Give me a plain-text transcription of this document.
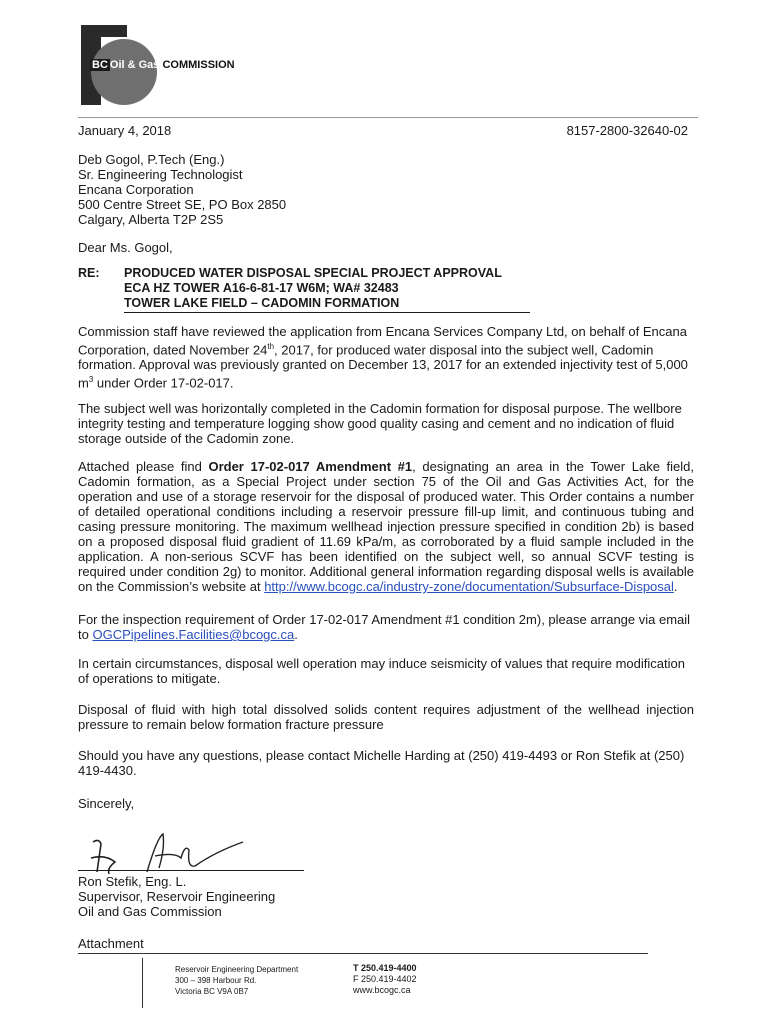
BC Oil & Gas COMMISSION
January 4, 2018	8157-2800-32640-02
Deb Gogol, P.Tech (Eng.)
Sr. Engineering Technologist
Encana Corporation
500 Centre Street SE, PO Box 2850
Calgary, Alberta T2P 2S5
Dear Ms. Gogol,
RE: PRODUCED WATER DISPOSAL SPECIAL PROJECT APPROVAL
ECA HZ TOWER A16-6-81-17 W6M; WA# 32483
TOWER LAKE FIELD – CADOMIN FORMATION

Commission staff have reviewed the application from Encana Services Company Ltd, on behalf of Encana Corporation, dated November 24th, 2017, for produced water disposal into the subject well, Cadomin formation. Approval was previously granted on December 13, 2017 for an extended injectivity test of 5,000 $m^3$ under Order 17-02-017.

The subject well was horizontally completed in the Cadomin formation for disposal purpose. The wellbore integrity testing and temperature logging show good quality casing and cement and no indication of fluid storage outside of the Cadomin zone.

Attached please find Order 17-02-017 Amendment #1, designating an area in the Tower Lake field, Cadomin formation, as a Special Project under section 75 of the Oil and Gas Activities Act, for the operation and use of a storage reservoir for the disposal of produced water. This Order contains a number of detailed operational conditions including a reservoir pressure fill-up limit, and continuous tubing and casing pressure monitoring. The maximum wellhead injection pressure specified in condition 2b) is based on a proposed disposal fluid gradient of 11.69 kPa/m, as corroborated by a fluid sample included in the application. A non-serious SCVF has been identified on the subject well, so annual SCVF testing is required under condition 2g) to monitor. Additional general information regarding disposal wells is available on the Commission’s website at http://www.bcogc.ca/industry-zone/documentation/Subsurface-Disposal.

For the inspection requirement of Order 17-02-017 Amendment #1 condition 2m), please arrange via email to OGCPipelines.Facilities@bcogc.ca.

In certain circumstances, disposal well operation may induce seismicity of values that require modification of operations to mitigate.

Disposal of fluid with high total dissolved solids content requires adjustment of the wellhead injection pressure to remain below formation fracture pressure

Should you have any questions, please contact Michelle Harding at (250) 419-4493 or Ron Stefik at (250) 419-4430.

Sincerely,
Ron Stefik, Eng. L.
Supervisor, Reservoir Engineering
Oil and Gas Commission
Attachment
Reservoir Engineering Department
300 – 398 Harbour Rd.
Victoria BC V9A 0B7
T 250.419-4400
F 250.419-4402
www.bcogc.ca
